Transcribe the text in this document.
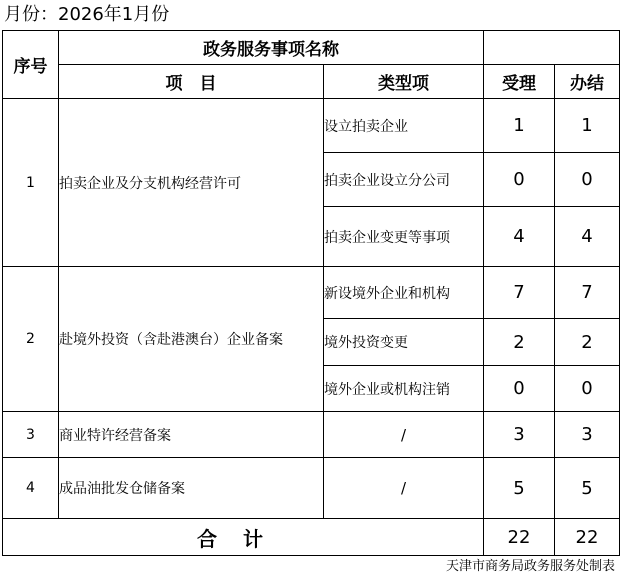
月份：2026年1月份
序号	政务服务事项名称			
	项　目	类型项	受理	办结
1	拍卖企业及分支机构经营许可	设立拍卖企业	1	1
		拍卖企业设立分公司	0	0
		拍卖企业变更等事项	4	4
2	赴境外投资（含赴港澳台）企业备案	新设境外企业和机构	7	7
		境外投资变更	2	2
		境外企业或机构注销	0	0
3	商业特许经营备案	/	3	3
4	成品油批发仓储备案	/	5	5
合计			22	22
天津市商务局政务服务处制表
